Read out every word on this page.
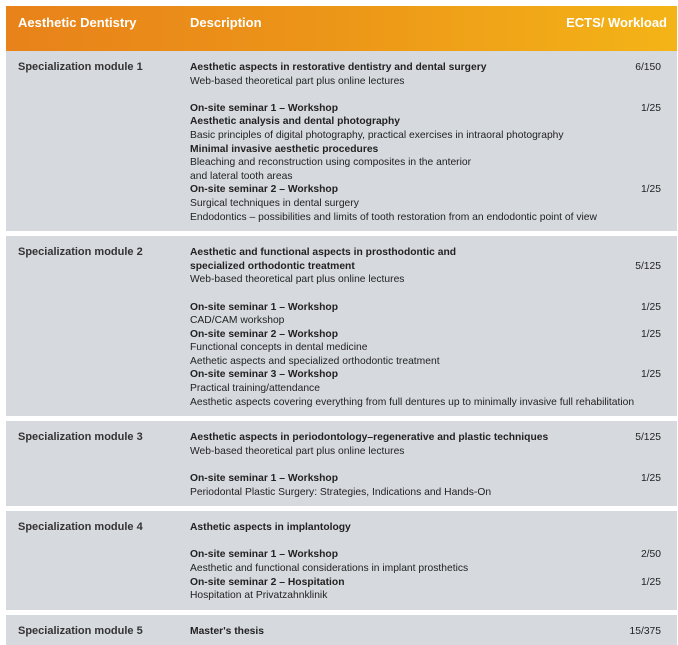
Aesthetic Dentistry	Description	ECTS/ Workload
Specialization module 1	Aesthetic aspects in restorative dentistry and dental surgery	6/150
Web-based theoretical part plus online lectures
On-site seminar 1 – Workshop	1/25
Aesthetic analysis and dental photography
Basic principles of digital photography, practical exercises in intraoral photography
Minimal invasive aesthetic procedures
Bleaching and reconstruction using composites in the anterior
and lateral tooth areas
On-site seminar 2 – Workshop	1/25
Surgical techniques in dental surgery
Endodontics – possibilities and limits of tooth restoration from an endodontic point of view
Specialization module 2	Aesthetic and functional aspects in prosthodontic and
specialized orthodontic treatment	5/125
Web-based theoretical part plus online lectures
On-site seminar 1 – Workshop	1/25
CAD/CAM workshop
On-site seminar 2 – Workshop	1/25
Functional concepts in dental medicine
Aethetic aspects and specialized orthodontic treatment
On-site seminar 3 – Workshop	1/25
Practical training/attendance
Aesthetic aspects covering everything from full dentures up to minimally invasive full rehabilitation
Specialization module 3	Aesthetic aspects in periodontology–regenerative and plastic techniques	5/125
Web-based theoretical part plus online lectures
On-site seminar 1 – Workshop	1/25
Periodontal Plastic Surgery: Strategies, Indications and Hands-On
Specialization module 4	Asthetic aspects in implantology
On-site seminar 1 – Workshop	2/50
Aesthetic and functional considerations in implant prosthetics
On-site seminar 2 – Hospitation	1/25
Hospitation at Privatzahnklinik
Specialization module 5	Master's thesis	15/375
